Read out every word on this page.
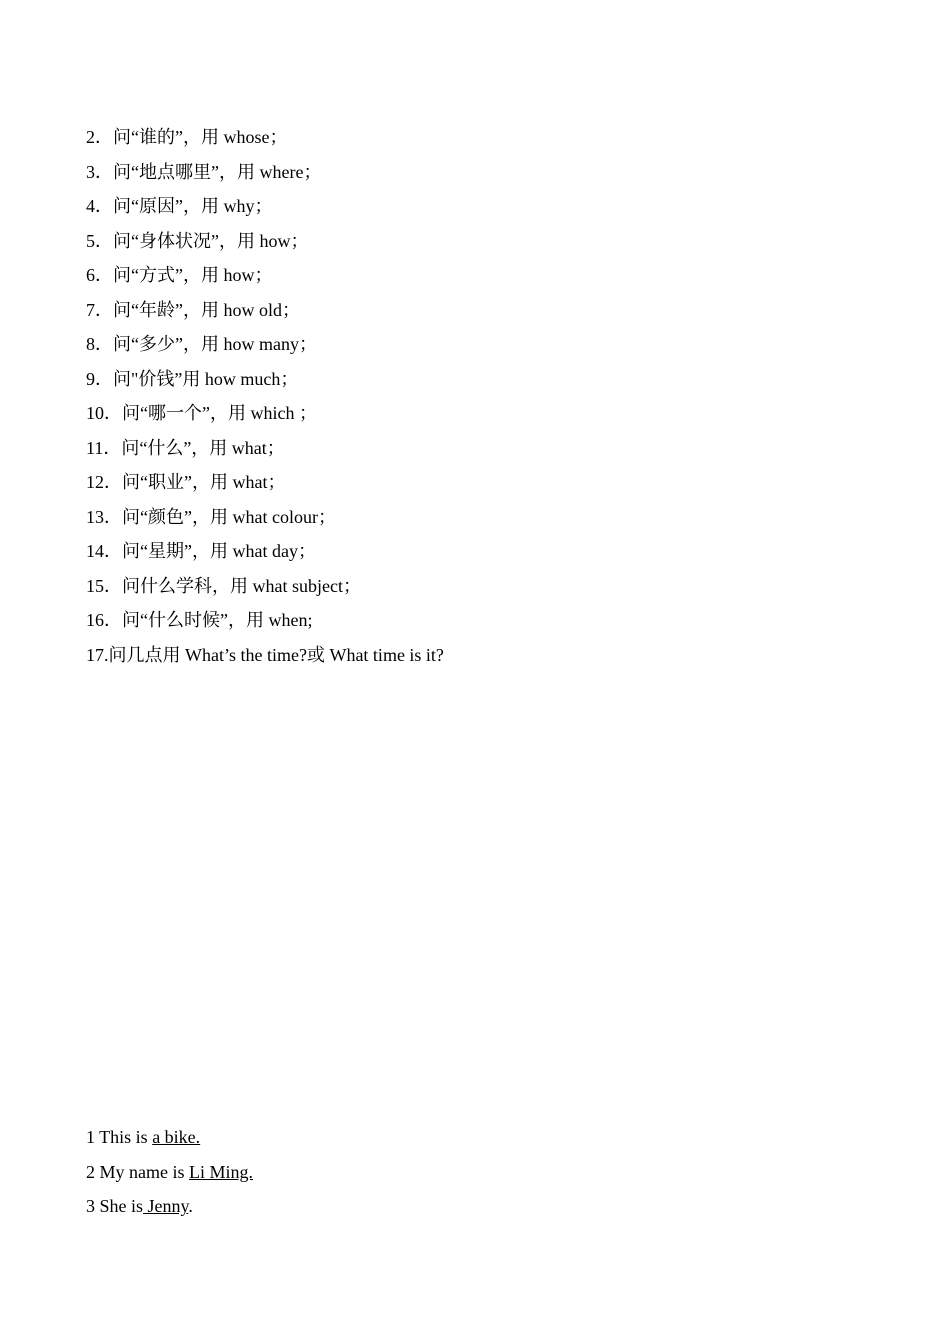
2．问“谁的”，用 whose；
3．问“地点哪里”，用 where；
4．问“原因”，用 why；
5．问“身体状况”，用 how；
6．问“方式”，用 how；
7．问“年龄”，用 how old；
8．问“多少”，用 how many；
9．问"价钱”用 how much；
10．问“哪一个”，用 which ；
11．问“什么”，用 what；
12．问“职业”，用 what；
13．问“颜色”，用 what colour；
14．问“星期”，用 what day；
15．问什么学科，用 what subject；
16．问“什么时候”，用 when;
17.问几点用 What’s the time?或 What time is it?
1 This is a bike.
2 My name is Li Ming.
3 She is Jenny.
